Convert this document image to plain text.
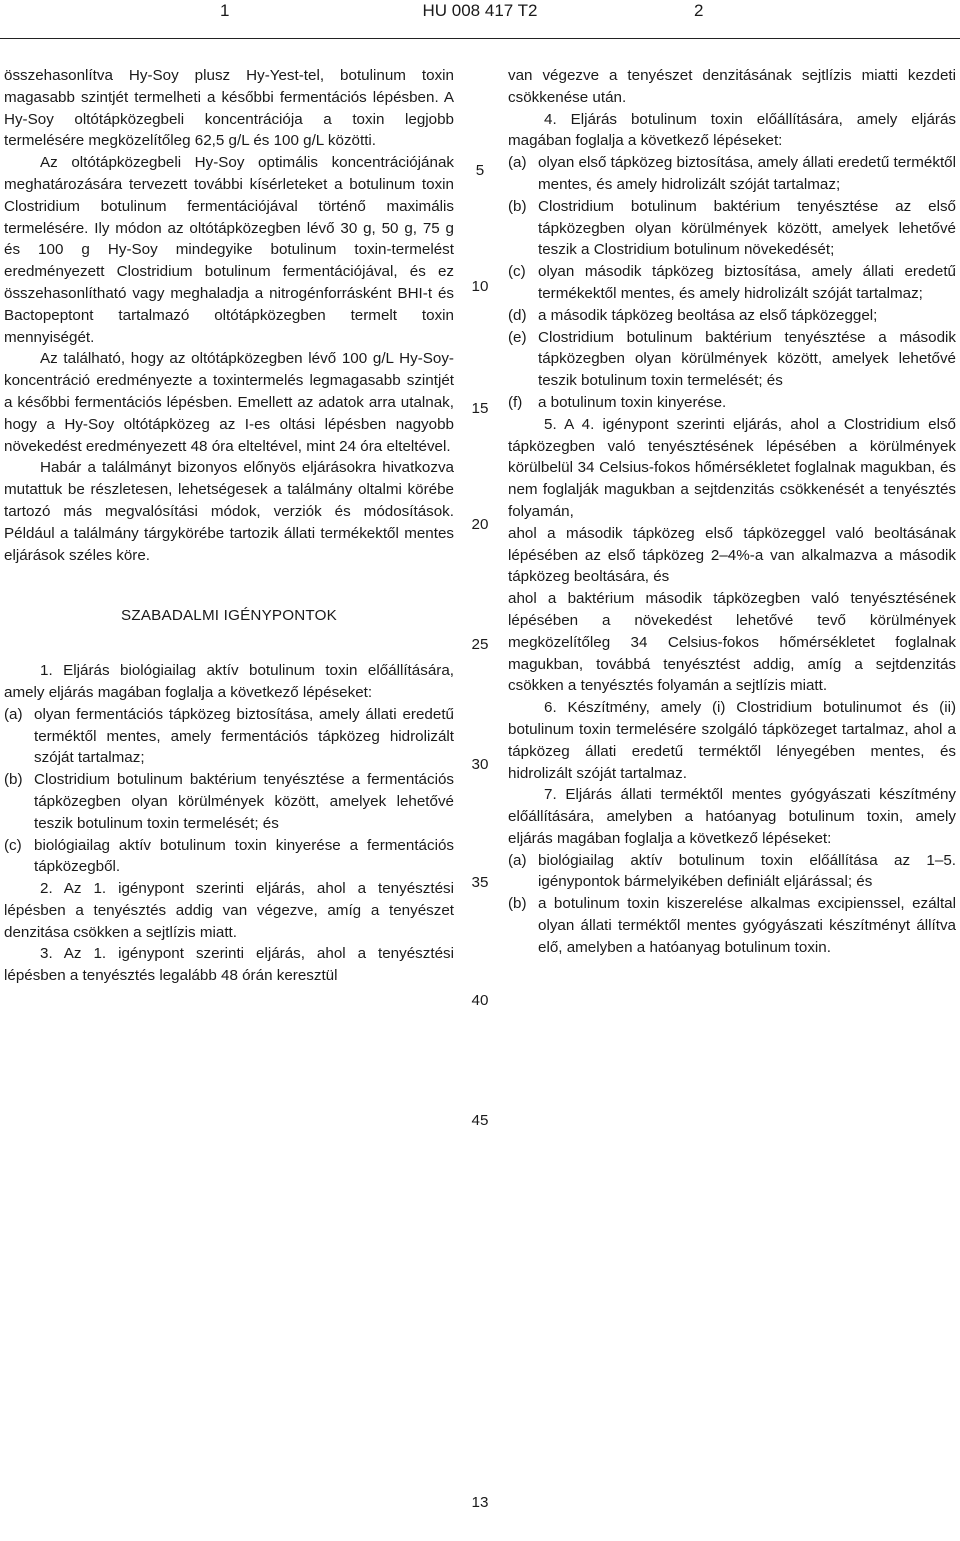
1	HU 008 417 T2	2

összehasonlítva Hy-Soy plusz Hy-Yest-tel, botulinum toxin magasabb szintjét termelheti a későbbi fermentációs lépésben. A Hy-Soy oltótápközegbeli koncentrációja a toxin legjobb termelésére megközelítőleg 62,5 g/L és 100 g/L közötti.

Az oltótápközegbeli Hy-Soy optimális koncentrációjának meghatározására tervezett további kísérleteket a botulinum toxin Clostridium botulinum fermentációjával történő maximális termelésére. Ily módon az oltótápközegben lévő 30 g, 50 g, 75 g és 100 g Hy-Soy mindegyike botulinum toxin-termelést eredményezett Clostridium botulinum fermentációjával, és ez összehasonlítható vagy meghaladja a nitrogénforrásként BHI-t és Bactopeptont tartalmazó oltótápközegben termelt toxin mennyiségét.

Az található, hogy az oltótápközegben lévő 100 g/L Hy-Soy-koncentráció eredményezte a toxintermelés legmagasabb szintjét a későbbi fermentációs lépésben. Emellett az adatok arra utalnak, hogy a Hy-Soy oltótápközeg az I-es oltási lépésben nagyobb növekedést eredményezett 48 óra elteltével, mint 24 óra elteltével.

Habár a találmányt bizonyos előnyös eljárásokra hivatkozva mutattuk be részletesen, lehetségesek a találmány oltalmi körébe tartozó más megvalósítási módok, verziók és módosítások. Például a találmány tárgykörébe tartozik állati termékektől mentes eljárások széles köre.

SZABADALMI IGÉNYPONTOK

1. Eljárás biológiailag aktív botulinum toxin előállítására, amely eljárás magában foglalja a következő lépéseket:

(a) olyan fermentációs tápközeg biztosítása, amely állati eredetű terméktől mentes, amely fermentációs tápközeg hidrolizált szóját tartalmaz;
(b) Clostridium botulinum baktérium tenyésztése a fermentációs tápközegben olyan körülmények között, amelyek lehetővé teszik botulinum toxin termelését; és
(c) biológiailag aktív botulinum toxin kinyerése a fermentációs tápközegből.

2. Az 1. igénypont szerinti eljárás, ahol a tenyésztési lépésben a tenyésztés addig van végezve, amíg a tenyészet denzitása csökken a sejtlízis miatt.

3. Az 1. igénypont szerinti eljárás, ahol a tenyésztési lépésben a tenyésztés legalább 48 órán keresztül

van végezve a tenyészet denzitásának sejtlízis miatti kezdeti csökkenése után.

4. Eljárás botulinum toxin előállítására, amely eljárás magában foglalja a következő lépéseket:

(a) olyan első tápközeg biztosítása, amely állati eredetű terméktől mentes, és amely hidrolizált szóját tartalmaz;
(b) Clostridium botulinum baktérium tenyésztése az első tápközegben olyan körülmények között, amelyek lehetővé teszik a Clostridium botulinum növekedését;
(c) olyan második tápközeg biztosítása, amely állati eredetű termékektől mentes, és amely hidrolizált szóját tartalmaz;
(d) a második tápközeg beoltása az első tápközeggel;
(e) Clostridium botulinum baktérium tenyésztése a második tápközegben olyan körülmények között, amelyek lehetővé teszik botulinum toxin termelését; és
(f)	a botulinum toxin kinyerése.

5. A 4. igénypont szerinti eljárás, ahol a Clostridium első tápközegben való tenyésztésének lépésében a körülmények körülbelül 34 Celsius-fokos hőmérsékletet foglalnak magukban, és nem foglalják magukban a sejtdenzitás csökkenését a tenyésztés folyamán,

ahol a második tápközeg első tápközeggel való beoltásának lépésében az első tápközeg 2–4%-a van alkalmazva a második tápközeg beoltására, és

ahol a baktérium második tápközegben való tenyésztésének lépésében a növekedést lehetővé tevő körülmények megközelítőleg 34 Celsius-fokos hőmérsékletet foglalnak magukban, továbbá tenyésztést addig, amíg a sejtdenzitás csökken a tenyésztés folyamán a sejtlízis miatt.

6. Készítmény, amely (i) Clostridium botulinumot és (ii) botulinum toxin termelésére szolgáló tápközeget tartalmaz, ahol a tápközeg állati eredetű terméktől lényegében mentes, és hidrolizált szóját tartalmaz.

7. Eljárás állati terméktől mentes gyógyászati készítmény előállítására, amelyben a hatóanyag botulinum toxin, amely eljárás magában foglalja a következő lépéseket:

(a) biológiailag aktív botulinum toxin előállítása az 1–5. igénypontok bármelyikében definiált eljárással; és
(b) a botulinum toxin kiszerelése alkalmas excipienssel, ezáltal olyan állati terméktől mentes gyógyászati készítményt állítva elő, amelyben a hatóanyag botulinum toxin.
5
10
15
20
25
30
35
40
45
13
